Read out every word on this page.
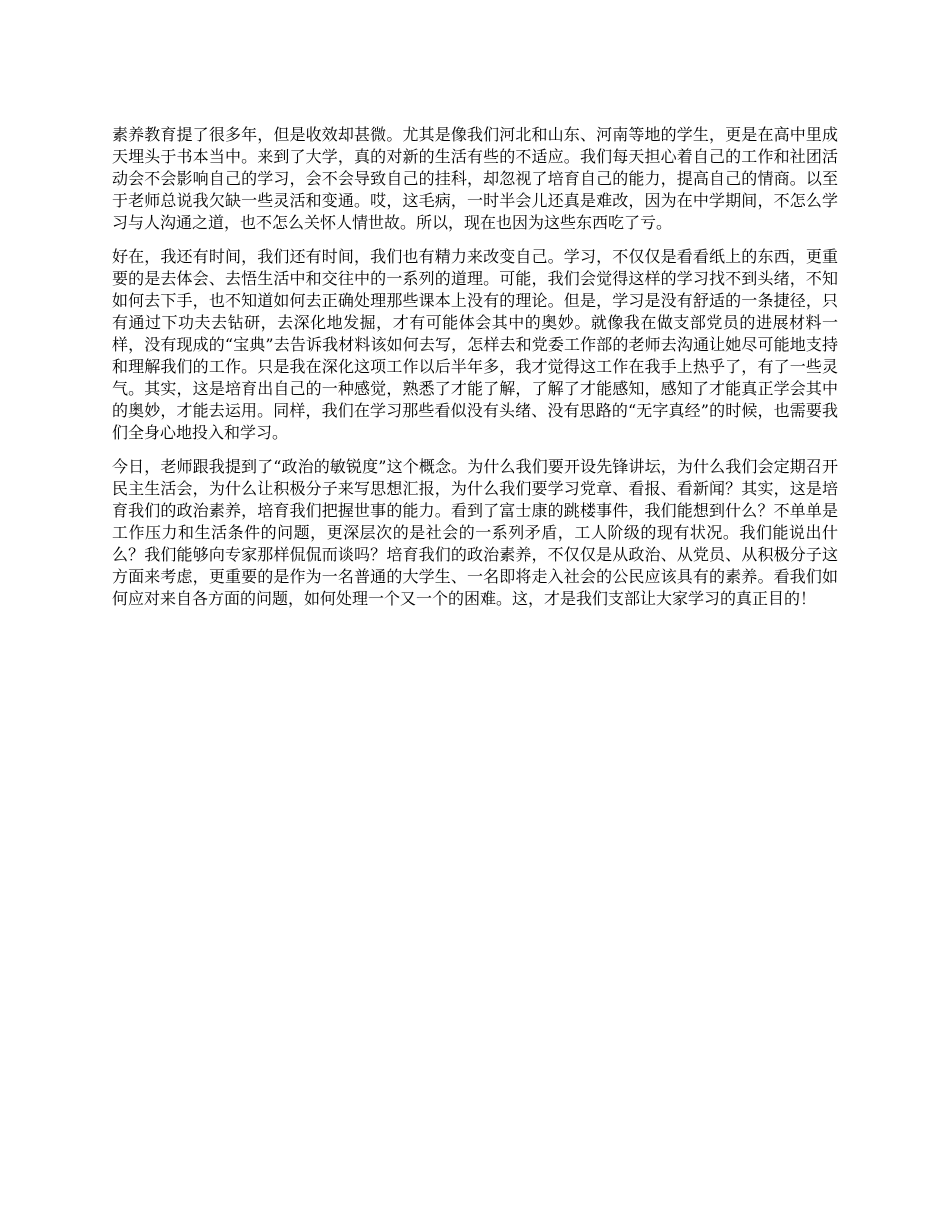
素养教育提了很多年，但是收效却甚微。尤其是像我们河北和山东、河南等地的学生，更是在高中里成天埋头于书本当中。来到了大学，真的对新的生活有些的不适应。我们每天担心着自己的工作和社团活动会不会影响自己的学习，会不会导致自己的挂科，却忽视了培育自己的能力，提高自己的情商。以至于老师总说我欠缺一些灵活和变通。哎，这毛病，一时半会儿还真是难改，因为在中学期间，不怎么学习与人沟通之道，也不怎么关怀人情世故。所以，现在也因为这些东西吃了亏。

好在，我还有时间，我们还有时间，我们也有精力来改变自己。学习，不仅仅是看看纸上的东西，更重要的是去体会、去悟生活中和交往中的一系列的道理。可能，我们会觉得这样的学习找不到头绪，不知如何去下手，也不知道如何去正确处理那些课本上没有的理论。但是，学习是没有舒适的一条捷径，只有通过下功夫去钻研，去深化地发掘，才有可能体会其中的奥妙。就像我在做支部党员的进展材料一样，没有现成的“宝典”去告诉我材料该如何去写，怎样去和党委工作部的老师去沟通让她尽可能地支持和理解我们的工作。只是我在深化这项工作以后半年多，我才觉得这工作在我手上热乎了，有了一些灵气。其实，这是培育出自己的一种感觉，熟悉了才能了解，了解了才能感知，感知了才能真正学会其中的奥妙，才能去运用。同样，我们在学习那些看似没有头绪、没有思路的“无字真经”的时候，也需要我们全身心地投入和学习。

今日，老师跟我提到了“政治的敏锐度”这个概念。为什么我们要开设先锋讲坛，为什么我们会定期召开民主生活会，为什么让积极分子来写思想汇报，为什么我们要学习党章、看报、看新闻？其实，这是培育我们的政治素养，培育我们把握世事的能力。看到了富士康的跳楼事件，我们能想到什么？不单单是工作压力和生活条件的问题，更深层次的是社会的一系列矛盾，工人阶级的现有状况。我们能说出什么？我们能够向专家那样侃侃而谈吗？培育我们的政治素养，不仅仅是从政治、从党员、从积极分子这方面来考虑，更重要的是作为一名普通的大学生、一名即将走入社会的公民应该具有的素养。看我们如何应对来自各方面的问题，如何处理一个又一个的困难。这，才是我们支部让大家学习的真正目的！
